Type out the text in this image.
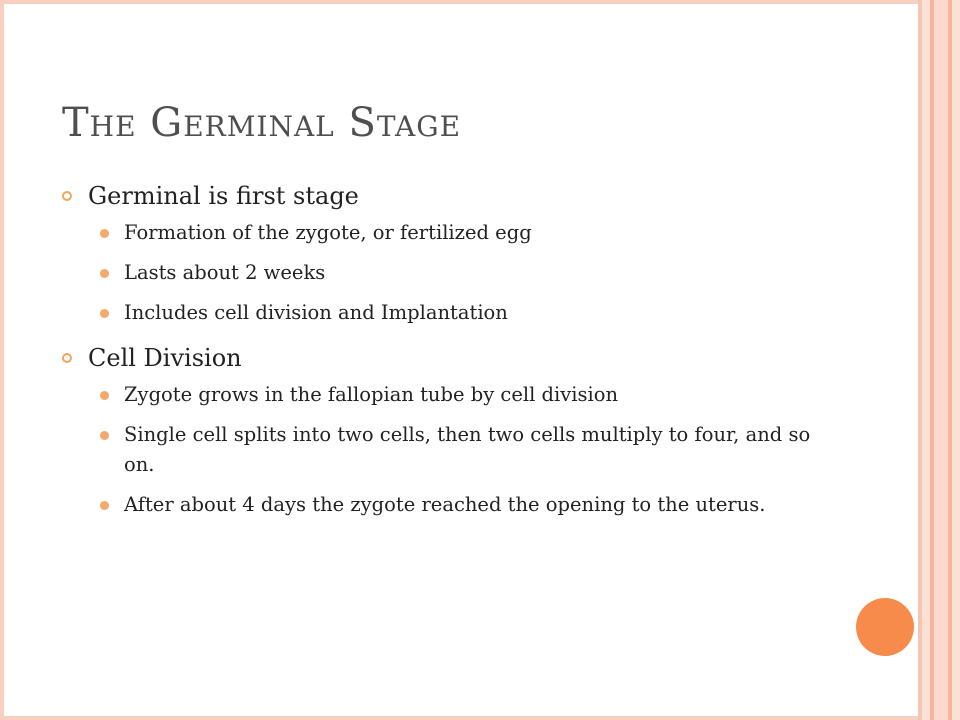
The Germinal Stage
Germinal is first stage
Formation of the zygote, or fertilized egg
Lasts about 2 weeks
Includes cell division and Implantation
Cell Division
Zygote grows in the fallopian tube by cell division
Single cell splits into two cells, then two cells multiply to four, and so on.
After about 4 days the zygote reached the opening to the uterus.
